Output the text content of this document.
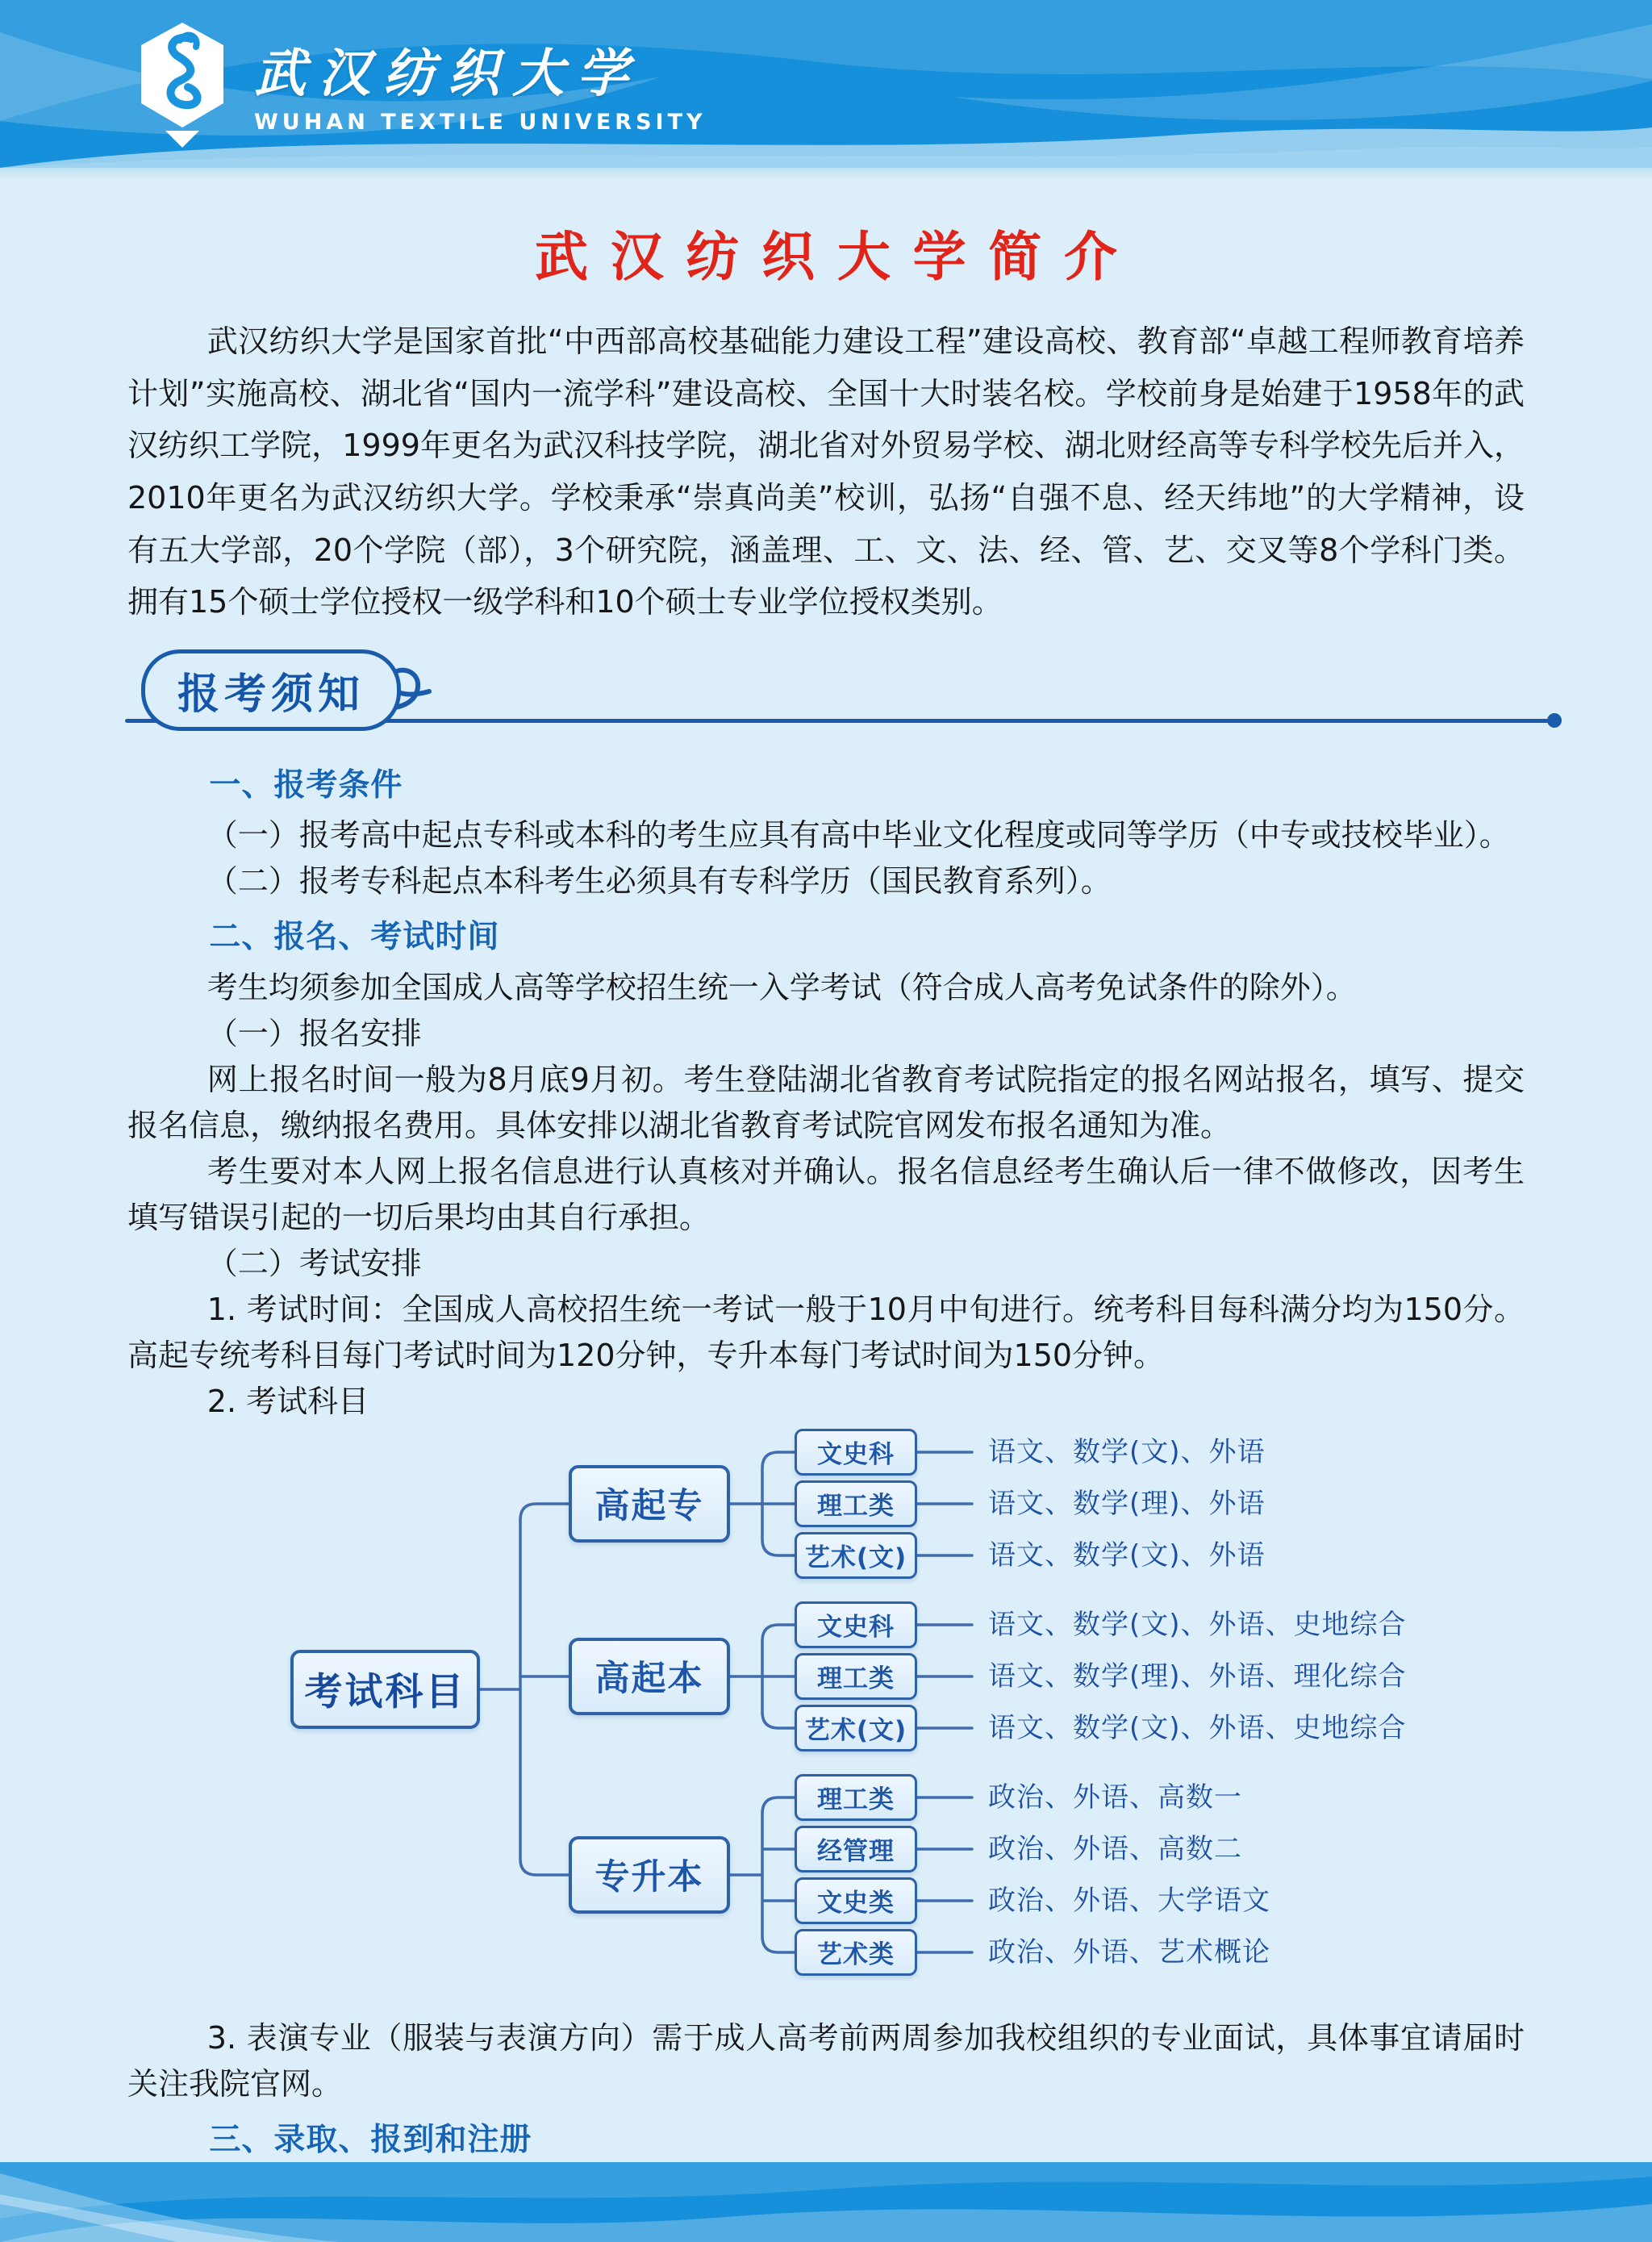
武汉纺织大学
WUHAN TEXTILE UNIVERSITY
武汉纺织大学简介

武汉纺织大学是国家首批“中西部高校基础能力建设工程”建设高校、教育部“卓越工程师教育培养计划”实施高校、湖北省“国内一流学科”建设高校、全国十大时装名校。学校前身是始建于1958年的武汉纺织工学院，1999年更名为武汉科技学院，湖北省对外贸易学校、湖北财经高等专科学校先后并入，2010年更名为武汉纺织大学。学校秉承“崇真尚美”校训，弘扬“自强不息、经天纬地”的大学精神，设有五大学部，20个学院（部），3个研究院，涵盖理、工、文、法、经、管、艺、交叉等8个学科门类。拥有15个硕士学位授权一级学科和10个硕士专业学位授权类别。

报考须知

一、报考条件

（一）报考高中起点专科或本科的考生应具有高中毕业文化程度或同等学历（中专或技校毕业）。

（二）报考专科起点本科考生必须具有专科学历（国民教育系列）。

二、报名、考试时间

考生均须参加全国成人高等学校招生统一入学考试（符合成人高考免试条件的除外）。

（一）报名安排

网上报名时间一般为8月底9月初。考生登陆湖北省教育考试院指定的报名网站报名，填写、提交报名信息，缴纳报名费用。具体安排以湖北省教育考试院官网发布报名通知为准。

考生要对本人网上报名信息进行认真核对并确认。报名信息经考生确认后一律不做修改，因考生填写错误引起的一切后果均由其自行承担。

（二）考试安排

1. 考试时间：全国成人高校招生统一考试一般于10月中旬进行。统考科目每科满分均为150分。高起专统考科目每门考试时间为120分钟，专升本每门考试时间为150分钟。

2. 考试科目

考试科目
高起专
高起本
专升本
文史科
理工类
艺术(文)
文史科
理工类
艺术(文)
理工类
经管理
文史类
艺术类
语文、数学(文)、外语
语文、数学(理)、外语
语文、数学(文)、外语
语文、数学(文)、外语、史地综合
语文、数学(理)、外语、理化综合
语文、数学(文)、外语、史地综合
政治、外语、高数一
政治、外语、高数二
政治、外语、大学语文
政治、外语、艺术概论

3. 表演专业（服装与表演方向）需于成人高考前两周参加我校组织的专业面试，具体事宜请届时关注我院官网。

三、录取、报到和注册
